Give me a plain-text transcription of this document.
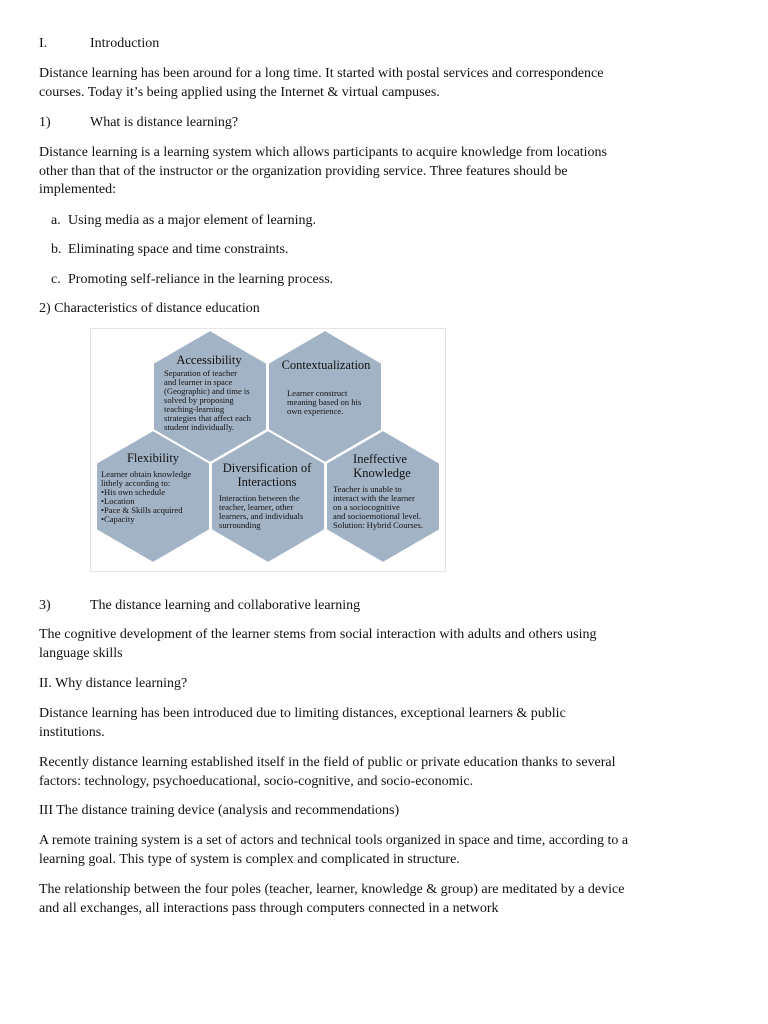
I.	Introduction

Distance learning has been around for a long time. It started with postal services and correspondence
courses. Today it’s being applied using the Internet & virtual campuses.

1)	What is distance learning?

Distance learning is a learning system which allows participants to acquire knowledge from locations
other than that of the instructor or the organization providing service. Three features should be
implemented:

a. Using media as a major element of learning.
b. Eliminating space and time constraints.
c. Promoting self-reliance in the learning process.
2) Characteristics of distance education
Accessibility
Separation of teacher
and learner in space
(Geographic) and time is
solved by proposing
teaching-learning
strategies that affect each
student individually.
Contextualization
Learner construct
meaning based on his
own experience.
Flexibility
Learner obtain knowledge
lithely according to:
•His own schedule
•Location
•Pace & Skills acquired
•Capacity
Diversification of
Interactions
Interaction between the
teacher, learner, other
learners, and individuals
surrounding
Ineffective
Knowledge
Teacher is unable to
interact with the learner
on a sociocognitive
and socioemotional level.
Solution: Hybrid Courses.
3)	The distance learning and collaborative learning

The cognitive development of the learner stems from social interaction with adults and others using
language skills

II. Why distance learning?

Distance learning has been introduced due to limiting distances, exceptional learners & public
institutions.

Recently distance learning established itself in the field of public or private education thanks to several
factors: technology, psychoeducational, socio-cognitive, and socio-economic.

III The distance training device (analysis and recommendations)

A remote training system is a set of actors and technical tools organized in space and time, according to a
learning goal. This type of system is complex and complicated in structure.

The relationship between the four poles (teacher, learner, knowledge & group) are meditated by a device
and all exchanges, all interactions pass through computers connected in a network
